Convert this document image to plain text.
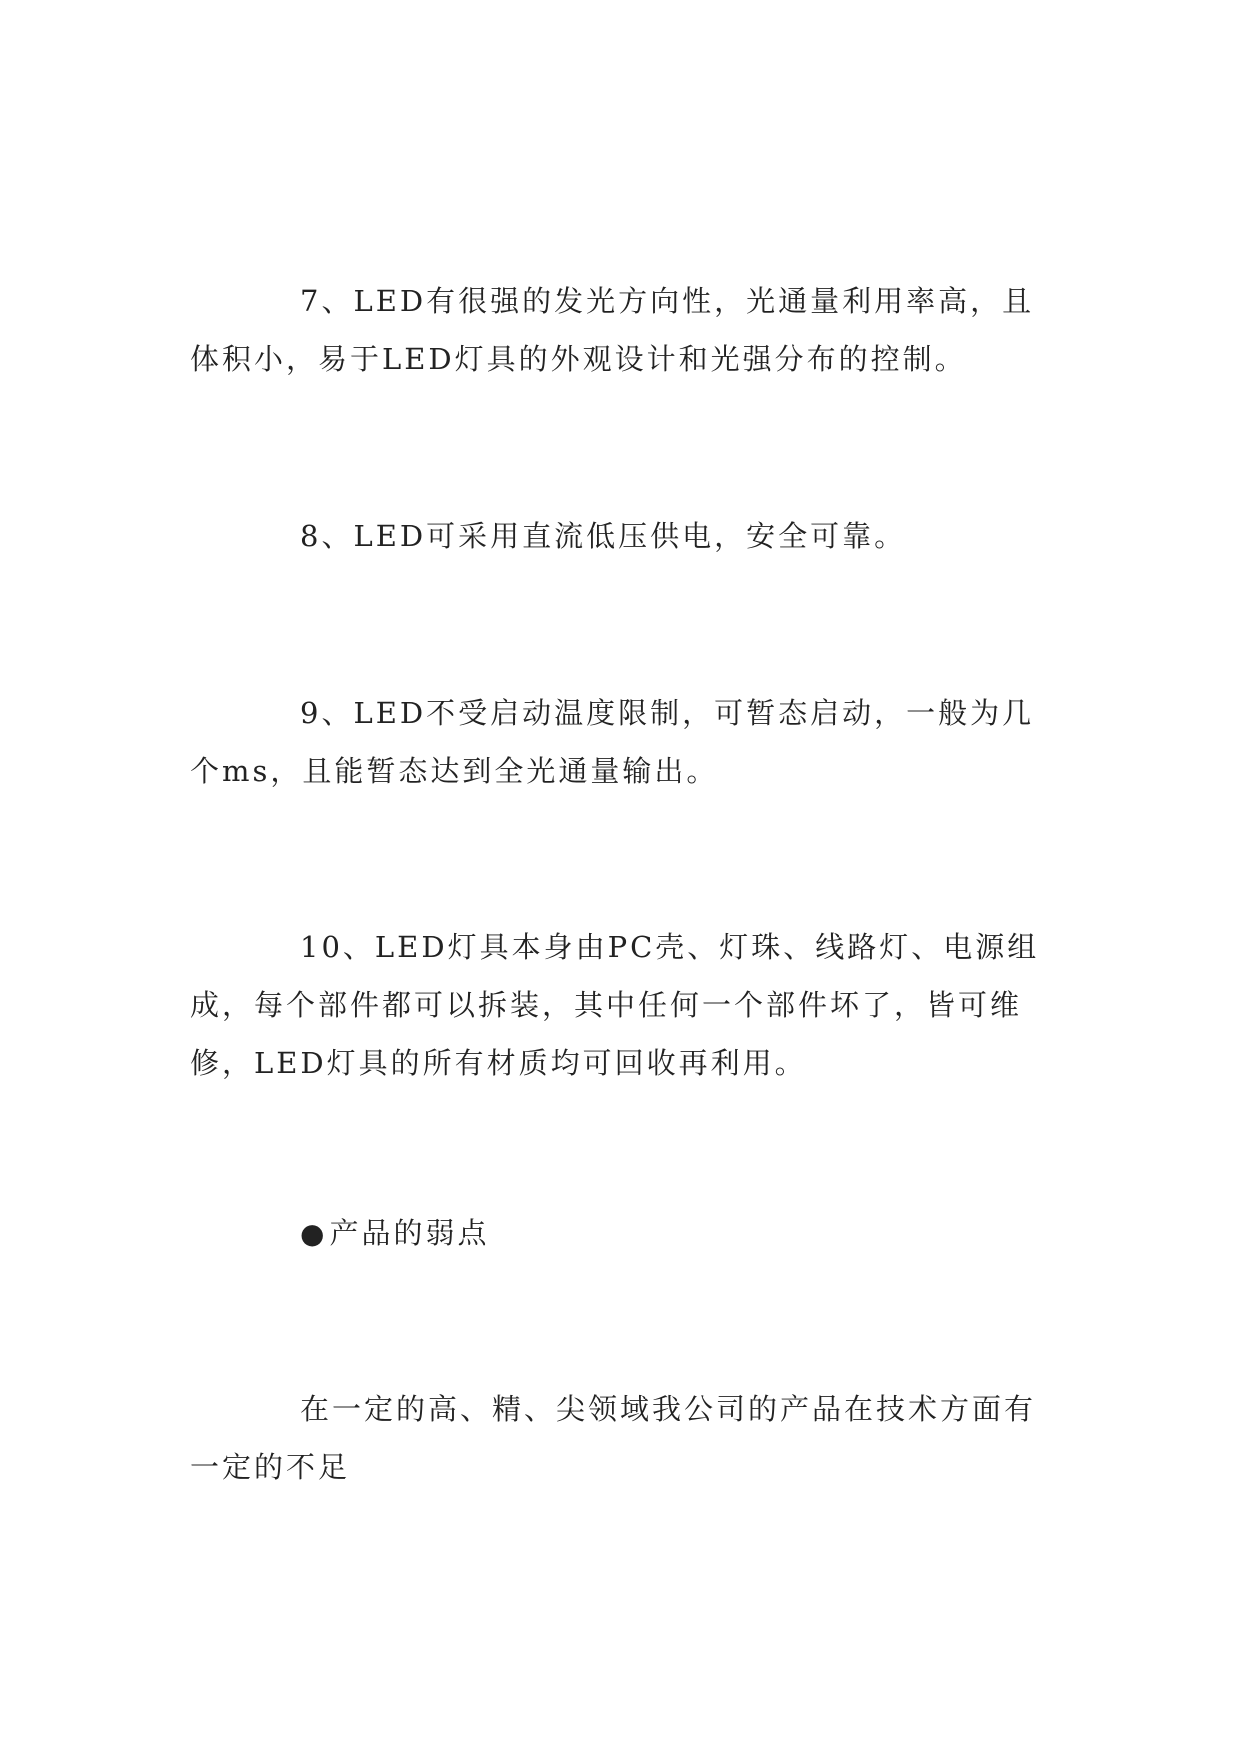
7、LED有很强的发光方向性，光通量利用率高，且体积小，易于LED灯具的外观设计和光强分布的控制。

8、LED可采用直流低压供电，安全可靠。

9、LED不受启动温度限制，可暂态启动，一般为几个ms，且能暂态达到全光通量输出。

10、LED灯具本身由PC壳、灯珠、线路灯、电源组成，每个部件都可以拆装，其中任何一个部件坏了，皆可维修，LED灯具的所有材质均可回收再利用。

●产品的弱点

在一定的高、精、尖领域我公司的产品在技术方面有一定的不足
